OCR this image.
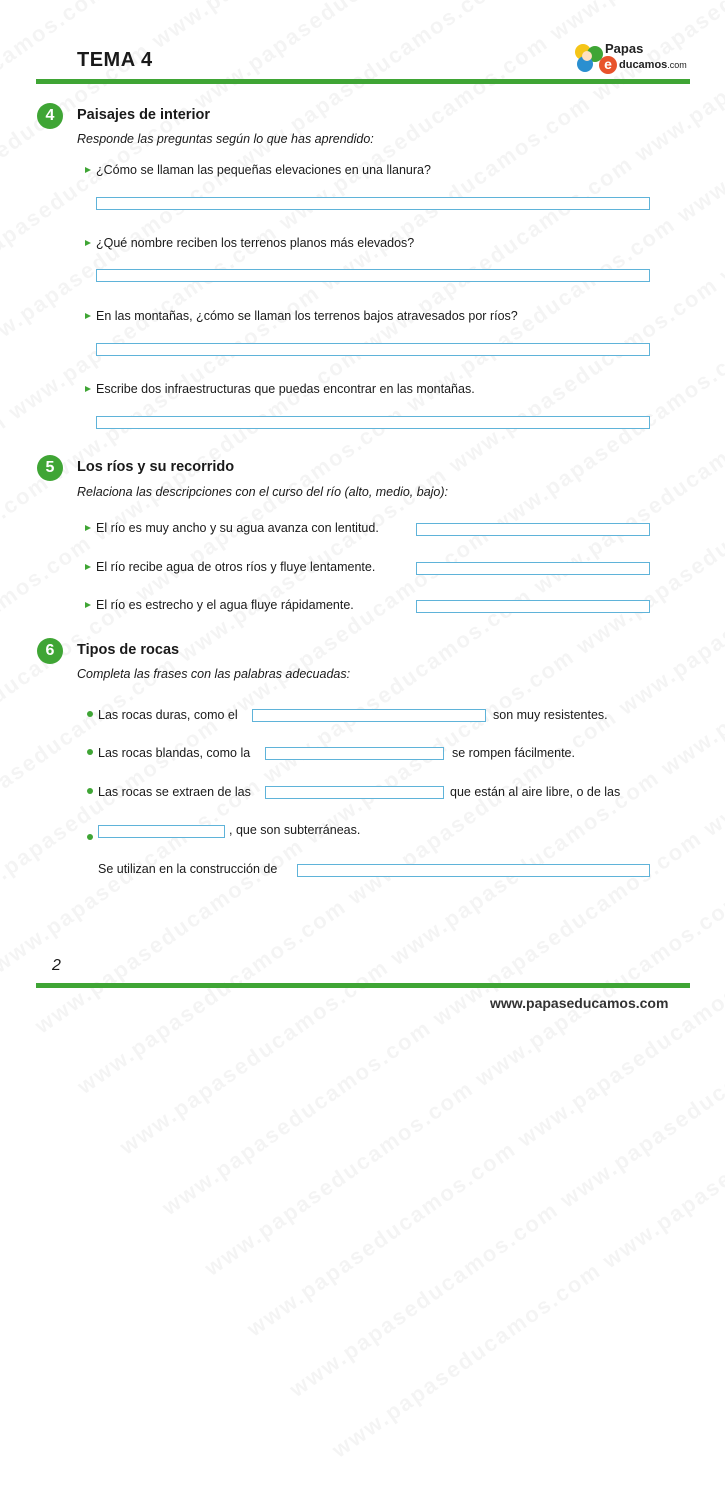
TEMA 4	e
Papas
ducamos.com
4	Paisajes de interior
Responde las preguntas según lo que has aprendido:
¿Cómo se llaman las pequeñas elevaciones en una llanura?
¿Qué nombre reciben los terrenos planos más elevados?
En las montañas, ¿cómo se llaman los terrenos bajos atravesados por ríos?
Escribe dos infraestructuras que puedas encontrar en las montañas.
5	Los ríos y su recorrido
Relaciona las descripciones con el curso del río (alto, medio, bajo):
El río es muy ancho y su agua avanza con lentitud.
El río recibe agua de otros ríos y fluye lentamente.
El río es estrecho y el agua fluye rápidamente.
6	Tipos de rocas
Completa las frases con las palabras adecuadas:
Las rocas duras, como el	son muy resistentes.
Las rocas blandas, como la	se rompen fácilmente.
Las rocas se extraen de las	que están al aire libre, o de las
, que son subterráneas.
Se utilizan en la construcción de
2
www.papaseducamos.com
